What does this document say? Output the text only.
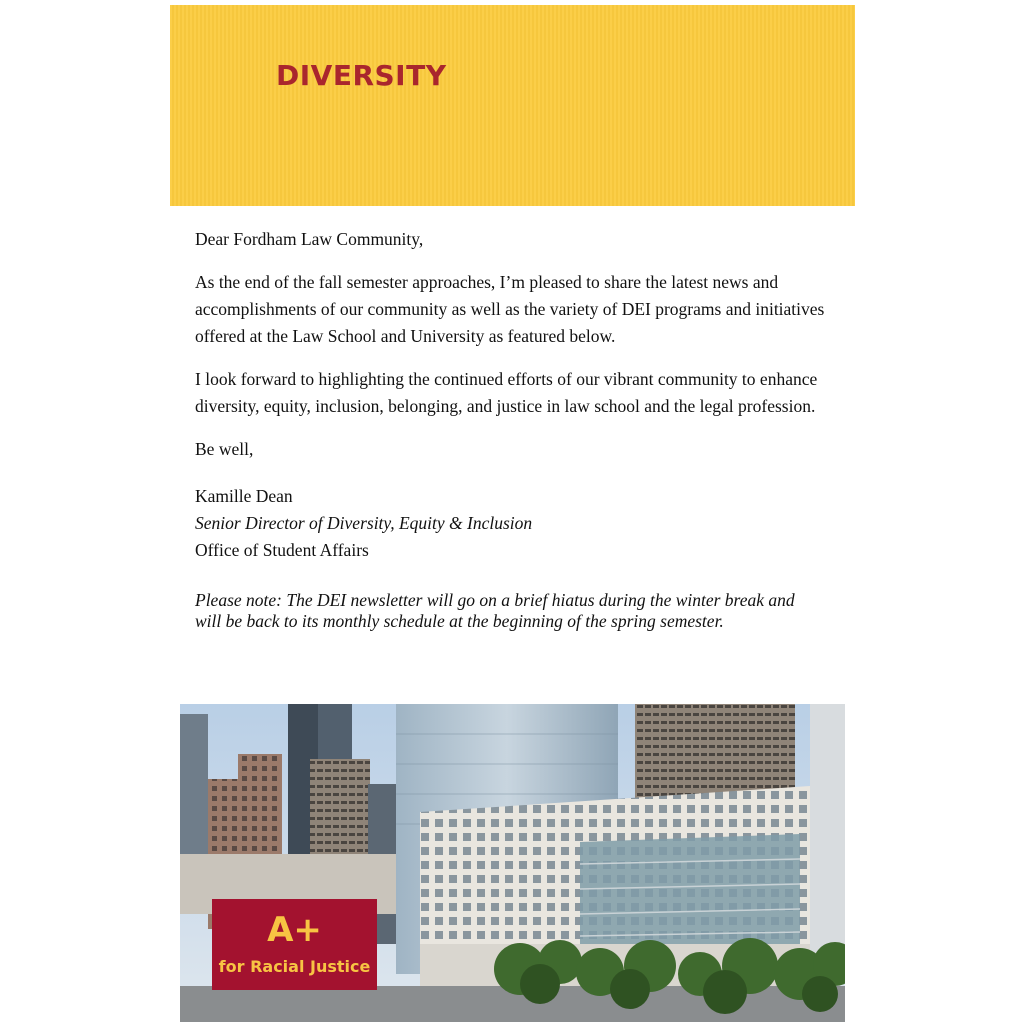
DIVERSITY

Dear Fordham Law Community,

As the end of the fall semester approaches, I’m pleased to share the latest news and accomplishments of our community as well as the variety of DEI programs and initiatives offered at the Law School and University as featured below.

I look forward to highlighting the continued efforts of our vibrant community to enhance diversity, equity, inclusion, belonging, and justice in law school and the legal profession.

Be well,

Kamille Dean
Senior Director of Diversity, Equity & Inclusion
Office of Student Affairs
Please note: The DEI newsletter will go on a brief hiatus during the winter break and will be back to its monthly schedule at the beginning of the spring semester.
A+
for Racial Justice
